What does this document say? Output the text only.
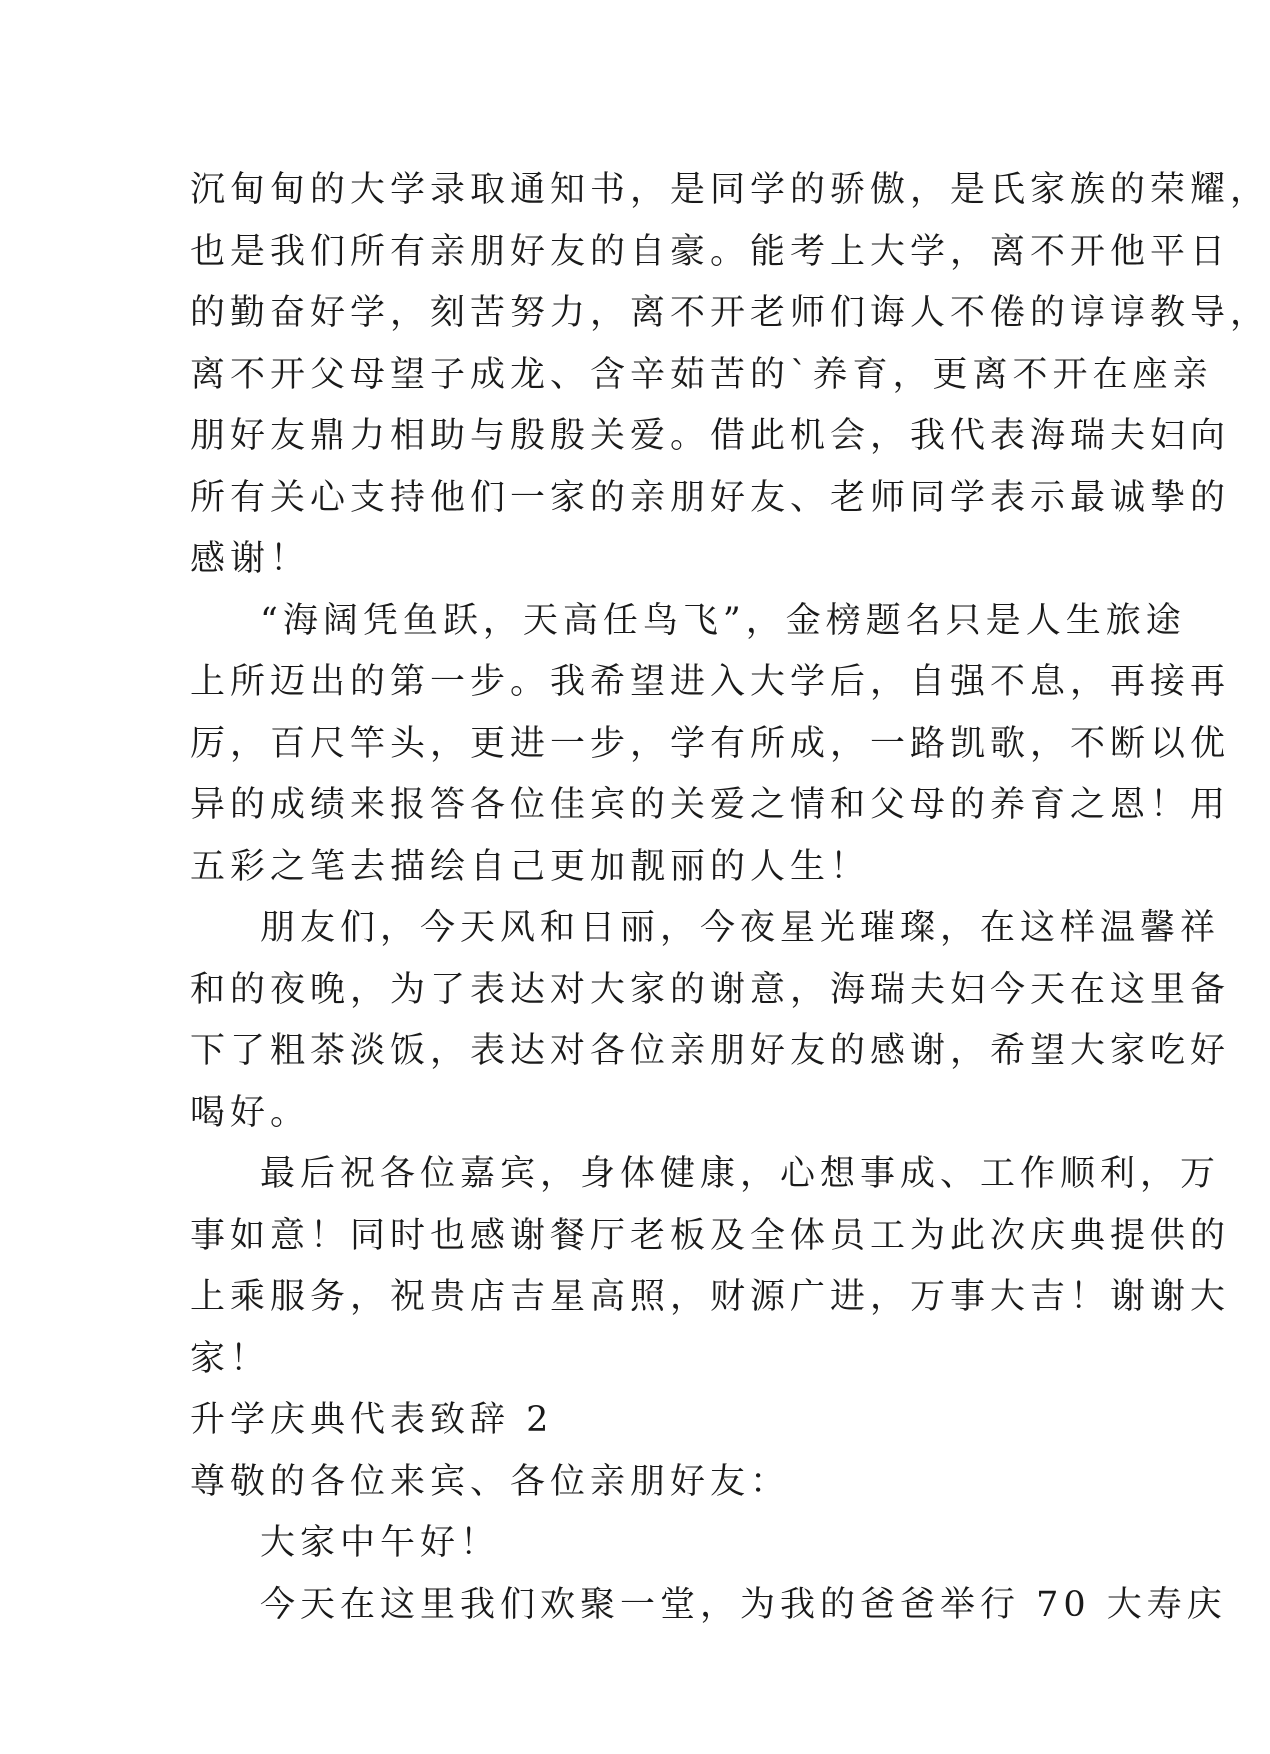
沉甸甸的大学录取通知书，是同学的骄傲，是氏家族的荣耀，
也是我们所有亲朋好友的自豪。能考上大学，离不开他平日
的勤奋好学，刻苦努力，离不开老师们诲人不倦的谆谆教导，
离不开父母望子成龙、含辛茹苦的`养育，更离不开在座亲
朋好友鼎力相助与殷殷关爱。借此机会，我代表海瑞夫妇向
所有关心支持他们一家的亲朋好友、老师同学表示最诚挚的
感谢！
“海阔凭鱼跃，天高任鸟飞”，金榜题名只是人生旅途
上所迈出的第一步。我希望进入大学后，自强不息，再接再
厉，百尺竿头，更进一步，学有所成，一路凯歌，不断以优
异的成绩来报答各位佳宾的关爱之情和父母的养育之恩！用
五彩之笔去描绘自己更加靓丽的人生！
朋友们，今天风和日丽，今夜星光璀璨，在这样温馨祥
和的夜晚，为了表达对大家的谢意，海瑞夫妇今天在这里备
下了粗茶淡饭，表达对各位亲朋好友的感谢，希望大家吃好
喝好。
最后祝各位嘉宾，身体健康，心想事成、工作顺利，万
事如意！同时也感谢餐厅老板及全体员工为此次庆典提供的
上乘服务，祝贵店吉星高照，财源广进，万事大吉！谢谢大
家！
升学庆典代表致辞 2
尊敬的各位来宾、各位亲朋好友：
大家中午好！
今天在这里我们欢聚一堂，为我的爸爸举行 70 大寿庆
